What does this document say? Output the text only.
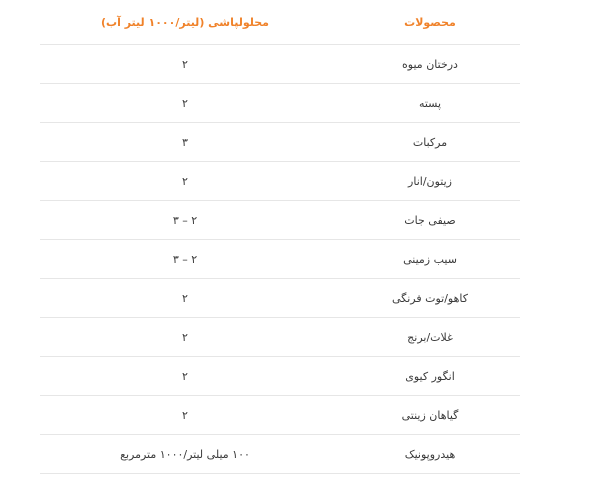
محلولپاشی (لیتر/۱۰۰۰ لیتر آب)	محصولات
۲	درختان میوه
۲	پسته
۳	مرکبات
۲	زیتون/انار
۲ – ۳	صیفی جات
۲ – ۳	سیب زمینی
۲	کاهو/توت فرنگی
۲	غلات/برنج
۲	انگور کیوی
۲	گیاهان زینتی
۱۰۰ میلی لیتر/۱۰۰۰ مترمربع	هیدروپونیک
